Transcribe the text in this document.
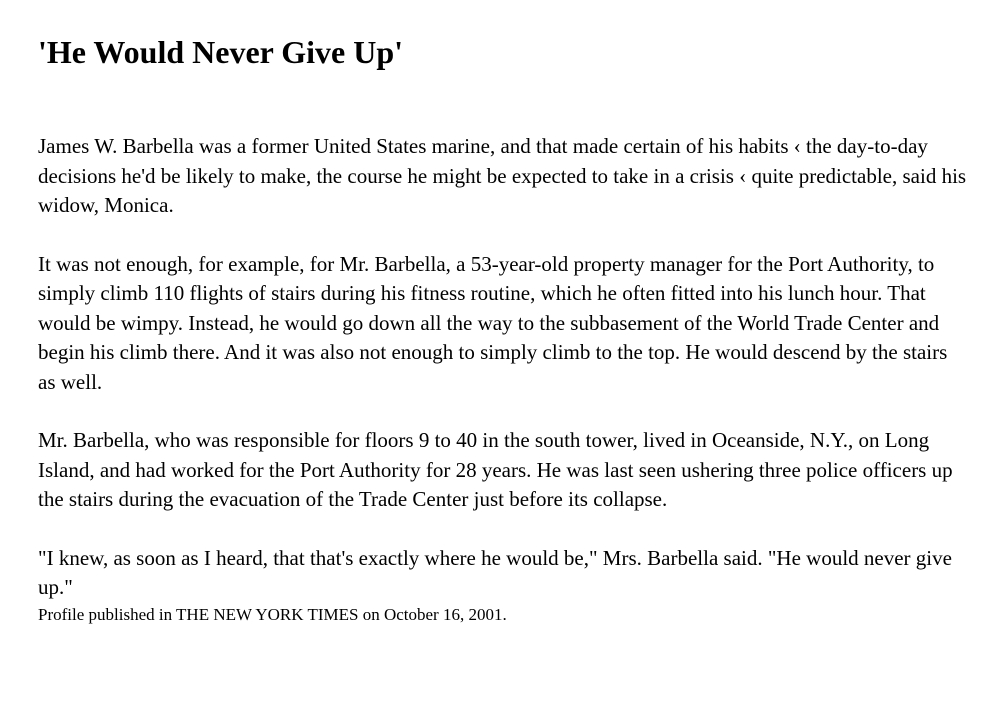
'He Would Never Give Up'

James W. Barbella was a former United States marine, and that made certain of his habits ‹ the day-to-day decisions he'd be likely to make, the course he might be expected to take in a crisis ‹ quite predictable, said his widow, Monica.

It was not enough, for example, for Mr. Barbella, a 53-year-old property manager for the Port Authority, to simply climb 110 flights of stairs during his fitness routine, which he often fitted into his lunch hour. That would be wimpy. Instead, he would go down all the way to the subbasement of the World Trade Center and begin his climb there. And it was also not enough to simply climb to the top. He would descend by the stairs as well.

Mr. Barbella, who was responsible for floors 9 to 40 in the south tower, lived in Oceanside, N.Y., on Long Island, and had worked for the Port Authority for 28 years. He was last seen ushering three police officers up the stairs during the evacuation of the Trade Center just before its collapse.

"I knew, as soon as I heard, that that's exactly where he would be," Mrs. Barbella said. "He would never give up."

Profile published in THE NEW YORK TIMES on October 16, 2001.
